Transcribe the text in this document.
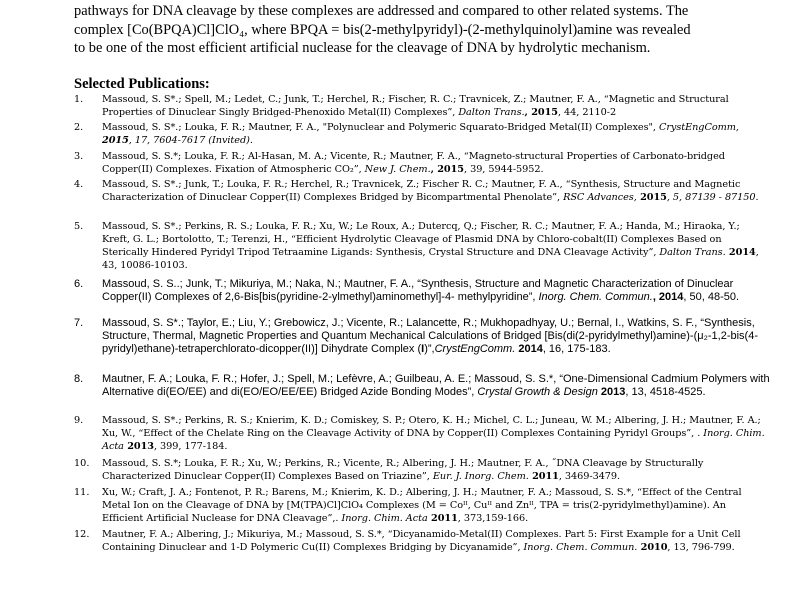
pathways for DNA cleavage by these complexes are addressed and compared to other related systems. The

complex [Co(BPQA)Cl]ClO₄, where BPQA = bis(2-methylpyridyl)-(2-methylquinolyl)amine was revealed

to be one of the most efficient artificial nuclease for the cleavage of DNA by hydrolytic mechanism.

Selected Publications:
1. Massoud, S. S*.; Spell, M.; Ledet, C.; Junk, T.; Herchel, R.; Fischer, R. C.; Travnicek, Z.; Mautner, F. A., “Magnetic and Structural Properties of Dinuclear Singly Bridged-Phenoxido Metal(II) Complexes”, Dalton Trans., 2015, 44, 2110-2
2. Massoud, S. S*.; Louka, F. R.; Mautner, F. A., "Polynuclear and Polymeric Squarato-Bridged Metal(II) Complexes", CrystEngComm, 2015, 17, 7604-7617 (Invited).
3. Massoud, S. S.*; Louka, F. R.; Al-Hasan, M. A.; Vicente, R.; Mautner, F. A., “Magneto-structural Properties of Carbonato-bridged Copper(II) Complexes. Fixation of Atmospheric CO₂”, New J. Chem., 2015, 39, 5944-5952.
4. Massoud, S. S*.; Junk, T.; Louka, F. R.; Herchel, R.; Travnicek, Z.; Fischer R. C.; Mautner, F. A., “Synthesis, Structure and Magnetic Characterization of Dinuclear Copper(II) Complexes Bridged by Bicompartmental Phenolate”, RSC Advances, 2015, 5, 87139 - 87150.
5. Massoud, S. S*.; Perkins, R. S.; Louka, F. R.; Xu, W.; Le Roux, A.; Dutercq, Q.; Fischer, R. C.; Mautner, F. A.; Handa, M.; Hiraoka, Y.; Kreft, G. L.; Bortolotto, T.; Terenzi, H., “Efficient Hydrolytic Cleavage of Plasmid DNA by Chloro-cobalt(II) Complexes Based on Sterically Hindered Pyridyl Tripod Tetraamine Ligands: Synthesis, Crystal Structure and DNA Cleavage Activity”, Dalton Trans. 2014, 43, 10086-10103.
6. Massoud, S. S..; Junk, T.; Mikuriya, M.; Naka, N.; Mautner, F. A., “Synthesis, Structure and Magnetic Characterization of Dinuclear Copper(II) Complexes of 2,6-Bis[bis(pyridine-2-ylmethyl)aminomethyl]-4- methylpyridine”, Inorg. Chem. Commun., 2014, 50, 48-50.
7. Massoud, S. S*.; Taylor, E.; Liu, Y.; Grebowicz, J.; Vicente, R.; Lalancette, R.; Mukhopadhyay, U.; Bernal, I., Watkins, S. F., “Synthesis, Structure, Thermal, Magnetic Properties and Quantum Mechanical Calculations of Bridged [Bis(di(2-pyridylmethyl)amine)-(μ₂-1,2-bis(4-pyridyl)ethane)-tetraperchlorato-dicopper(II)] Dihydrate Complex (I)”,CrystEngComm. 2014, 16, 175-183.
8. Mautner, F. A.; Louka, F. R.; Hofer, J.; Spell, M.; Lefèvre, A.; Guilbeau, A. E.; Massoud, S. S.*, “One-Dimensional Cadmium Polymers with Alternative di(EO/EE) and di(EO/EO/EE/EE) Bridged Azide Bonding Modes”, Crystal Growth & Design 2013, 13, 4518-4525.
9. Massoud, S. S*.; Perkins, R. S.; Knierim, K. D.; Comiskey, S. P.; Otero, K. H.; Michel, C. L.; Juneau, W. M.; Albering, J. H.; Mautner, F. A.; Xu, W., “Effect of the Chelate Ring on the Cleavage Activity of DNA by Copper(II) Complexes Containing Pyridyl Groups”, . Inorg. Chim. Acta 2013, 399, 177-184.
10. Massoud, S. S.*; Louka, F. R.; Xu, W.; Perkins, R.; Vicente, R.; Albering, J. H.; Mautner, F. A., ˝DNA Cleavage by Structurally Characterized Dinuclear Copper(II) Complexes Based on Triazine”, Eur. J. Inorg. Chem. 2011, 3469-3479.
11. Xu, W.; Craft, J. A.; Fontenot, P. R.; Barens, M.; Knierim, K. D.; Albering, J. H.; Mautner, F. A.; Massoud, S. S.*, “Effect of the Central Metal Ion on the Cleavage of DNA by [M(TPA)Cl]ClO₄ Complexes (M = Coᴵᴵ, Cuᴵᴵ and Znᴵᴵ, TPA = tris(2-pyridylmethyl)amine). An Efficient Artificial Nuclease for DNA Cleavage”,. Inorg. Chim. Acta 2011, 373,159-166.
12. Mautner, F. A.; Albering, J.; Mikuriya, M.; Massoud, S. S.*, “Dicyanamido-Metal(II) Complexes. Part 5: First Example for a Unit Cell Containing Dinuclear and 1-D Polymeric Cu(II) Complexes Bridging by Dicyanamide”, Inorg. Chem. Commun. 2010, 13, 796-799.
